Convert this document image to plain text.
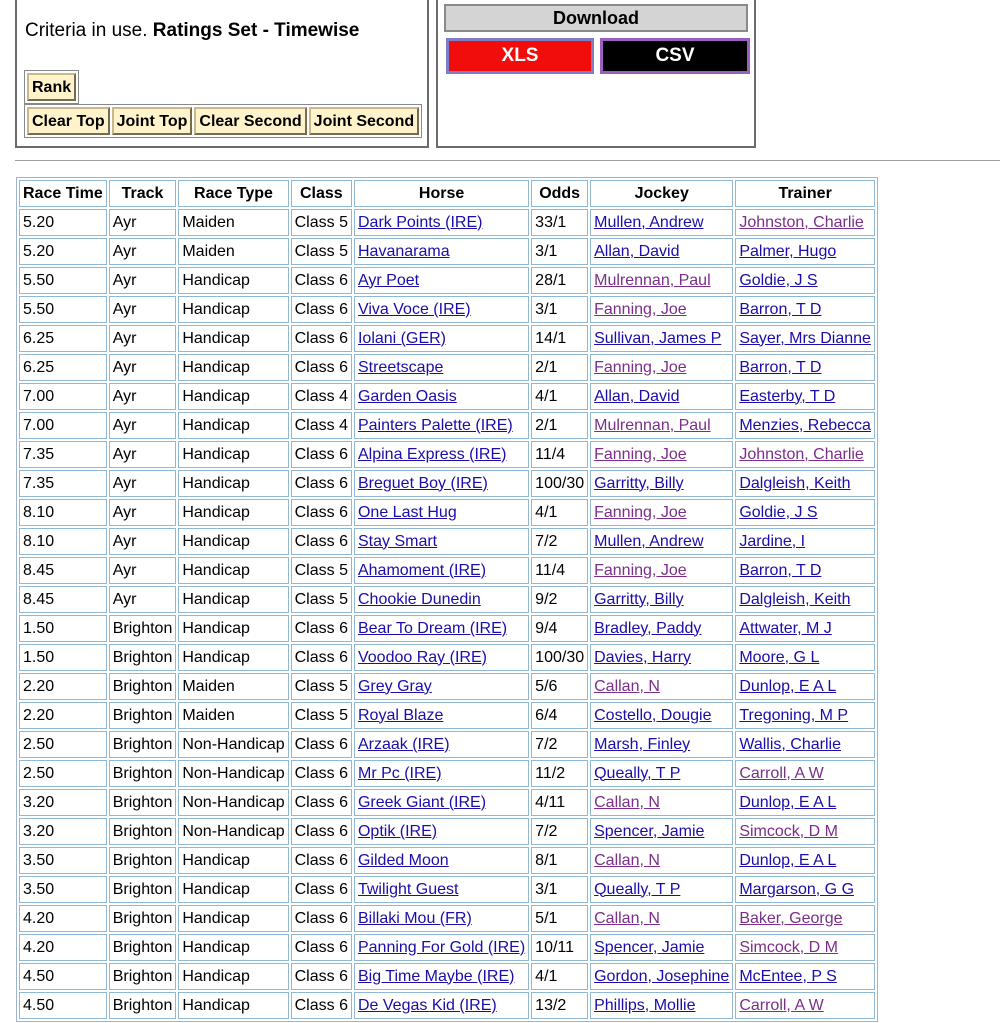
Criteria in use. Ratings Set - Timewise
Rank
Clear Top Joint Top Clear Second Joint Second
Download
XLS	CSV
Race Time	Track	Race Type	Class	Horse	Odds	Jockey	Trainer
5.20	Ayr	Maiden	Class 5	Dark Points (IRE)	33/1	Mullen, Andrew	Johnston, Charlie
5.20	Ayr	Maiden	Class 5	Havanarama	3/1	Allan, David	Palmer, Hugo
5.50	Ayr	Handicap	Class 6	Ayr Poet	28/1	Mulrennan, Paul	Goldie, J S
5.50	Ayr	Handicap	Class 6	Viva Voce (IRE)	3/1	Fanning, Joe	Barron, T D
6.25	Ayr	Handicap	Class 6	Iolani (GER)	14/1	Sullivan, James P	Sayer, Mrs Dianne
6.25	Ayr	Handicap	Class 6	Streetscape	2/1	Fanning, Joe	Barron, T D
7.00	Ayr	Handicap	Class 4	Garden Oasis	4/1	Allan, David	Easterby, T D
7.00	Ayr	Handicap	Class 4	Painters Palette (IRE)	2/1	Mulrennan, Paul	Menzies, Rebecca
7.35	Ayr	Handicap	Class 6	Alpina Express (IRE)	11/4	Fanning, Joe	Johnston, Charlie
7.35	Ayr	Handicap	Class 6	Breguet Boy (IRE)	100/30	Garritty, Billy	Dalgleish, Keith
8.10	Ayr	Handicap	Class 6	One Last Hug	4/1	Fanning, Joe	Goldie, J S
8.10	Ayr	Handicap	Class 6	Stay Smart	7/2	Mullen, Andrew	Jardine, I
8.45	Ayr	Handicap	Class 5	Ahamoment (IRE)	11/4	Fanning, Joe	Barron, T D
8.45	Ayr	Handicap	Class 5	Chookie Dunedin	9/2	Garritty, Billy	Dalgleish, Keith
1.50	Brighton	Handicap	Class 6	Bear To Dream (IRE)	9/4	Bradley, Paddy	Attwater, M J
1.50	Brighton	Handicap	Class 6	Voodoo Ray (IRE)	100/30	Davies, Harry	Moore, G L
2.20	Brighton	Maiden	Class 5	Grey Gray	5/6	Callan, N	Dunlop, E A L
2.20	Brighton	Maiden	Class 5	Royal Blaze	6/4	Costello, Dougie	Tregoning, M P
2.50	Brighton	Non-Handicap	Class 6	Arzaak (IRE)	7/2	Marsh, Finley	Wallis, Charlie
2.50	Brighton	Non-Handicap	Class 6	Mr Pc (IRE)	11/2	Queally, T P	Carroll, A W
3.20	Brighton	Non-Handicap	Class 6	Greek Giant (IRE)	4/11	Callan, N	Dunlop, E A L
3.20	Brighton	Non-Handicap	Class 6	Optik (IRE)	7/2	Spencer, Jamie	Simcock, D M
3.50	Brighton	Handicap	Class 6	Gilded Moon	8/1	Callan, N	Dunlop, E A L
3.50	Brighton	Handicap	Class 6	Twilight Guest	3/1	Queally, T P	Margarson, G G
4.20	Brighton	Handicap	Class 6	Billaki Mou (FR)	5/1	Callan, N	Baker, George
4.20	Brighton	Handicap	Class 6	Panning For Gold (IRE)	10/11	Spencer, Jamie	Simcock, D M
4.50	Brighton	Handicap	Class 6	Big Time Maybe (IRE)	4/1	Gordon, Josephine	McEntee, P S
4.50	Brighton	Handicap	Class 6	De Vegas Kid (IRE)	13/2	Phillips, Mollie	Carroll, A W
